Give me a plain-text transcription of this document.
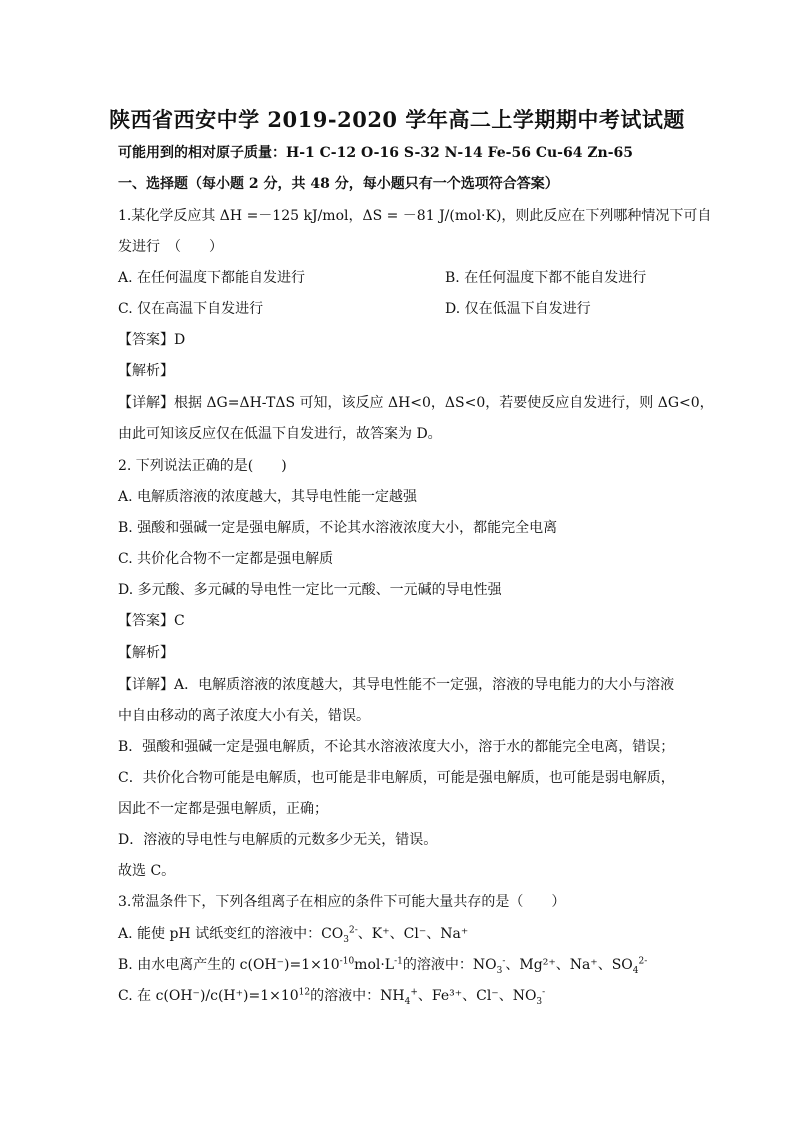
陕西省西安中学 2019-2020 学年高二上学期期中考试试题
可能用到的相对原子质量：H-1 C-12 O-16 S-32 N-14 Fe-56 Cu-64 Zn-65
一、选择题（每小题 2 分，共 48 分，每小题只有一个选项符合答案）
1.某化学反应其 ΔH =－125 kJ/mol，ΔS = －81 J/(mol·K)，则此反应在下列哪种情况下可自
发进行　（　　）
A. 在任何温度下都能自发进行	B. 在任何温度下都不能自发进行
C. 仅在高温下自发进行	D. 仅在低温下自发进行
【答案】D
【解析】
【详解】根据 ΔG=ΔH-TΔS 可知，该反应 ΔH<0，ΔS<0，若要使反应自发进行，则 ΔG<0，
由此可知该反应仅在低温下自发进行，故答案为 D。
2. 下列说法正确的是(　　)
A. 电解质溶液的浓度越大，其导电性能一定越强
B. 强酸和强碱一定是强电解质，不论其水溶液浓度大小，都能完全电离
C. 共价化合物不一定都是强电解质
D. 多元酸、多元碱的导电性一定比一元酸、一元碱的导电性强
【答案】C
【解析】
【详解】A．电解质溶液的浓度越大，其导电性能不一定强，溶液的导电能力的大小与溶液
中自由移动的离子浓度大小有关，错误。
B．强酸和强碱一定是强电解质，不论其水溶液浓度大小，溶于水的都能完全电离，错误；
C．共价化合物可能是电解质，也可能是非电解质，可能是强电解质，也可能是弱电解质，
因此不一定都是强电解质，正确；
D．溶液的导电性与电解质的元数多少无关，错误。
故选 C。
3.常温条件下，下列各组离子在相应的条件下可能大量共存的是（　　）
A. 能使 pH 试纸变红的溶液中：$CO_3^{2-}$、K⁺、Cl⁻、Na⁺
B. 由水电离产生的 $c(OH^-)=1\times 10^{-10}mol\cdot L^{-1}$的溶液中：$NO_3^-$、Mg²⁺、Na⁺、$SO_4^{2-}$
C. 在 $c(OH^-)/c(H^+)=1\times 10^{12}$的溶液中：$NH_4^+$、Fe³⁺、Cl⁻、$NO_3^-$
